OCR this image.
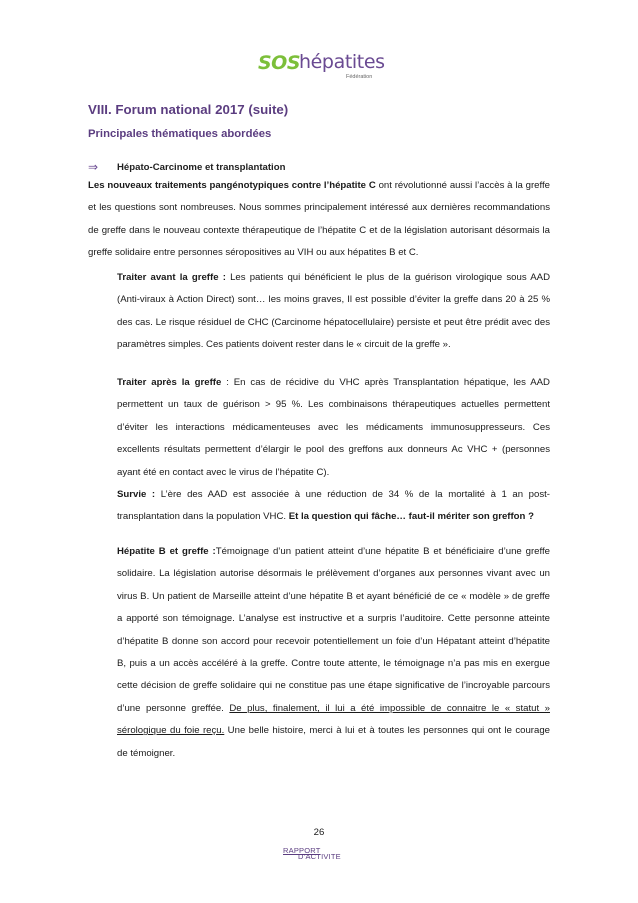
SOS
hépatites
Fédération
VIII. Forum national 2017 (suite)
Principales thématiques abordées
⇒ Hépato-Carcinome et transplantation
Les nouveaux traitements pangénotypiques contre l’hépatite C ont révolutionné aussi l’accès à la greffe et les questions sont nombreuses. Nous sommes principalement intéressé aux dernières recommandations de greffe dans le nouveau contexte thérapeutique de l’hépatite C et de la législation autorisant désormais la greffe solidaire entre personnes séropositives au VIH ou aux hépatites B et C.
Traiter avant la greffe : Les patients qui bénéficient le plus de la guérison virologique sous AAD (Anti-viraux à Action Direct) sont… les moins graves, Il est possible d’éviter la greffe dans 20 à 25 % des cas. Le risque résiduel de CHC (Carcinome hépatocellulaire) persiste et peut être prédit avec des paramètres simples. Ces patients doivent rester dans le « circuit de la greffe ».
Traiter après la greffe : En cas de récidive du VHC après Transplantation hépatique, les AAD permettent un taux de guérison > 95 %. Les combinaisons thérapeutiques actuelles permettent d’éviter les interactions médicamenteuses avec les médicaments immunosuppresseurs. Ces excellents résultats permettent d’élargir le pool des greffons aux donneurs Ac VHC + (personnes ayant été en contact avec le virus de l’hépatite C).
Survie : L’ère des AAD est associée à une réduction de 34 % de la mortalité à 1 an post-transplantation dans la population VHC. Et la question qui fâche… faut-il mériter son greffon ?
Hépatite B et greffe :Témoignage d’un patient atteint d’une hépatite B et bénéficiaire d’une greffe solidaire. La législation autorise désormais le prélèvement d’organes aux personnes vivant avec un virus B. Un patient de Marseille atteint d’une hépatite B et ayant bénéficié de ce « modèle » de greffe a apporté son témoignage. L’analyse est instructive et a surpris l’auditoire. Cette personne atteinte d’hépatite B donne son accord pour recevoir potentiellement un foie d’un Hépatant atteint d’hépatite B, puis a un accès accéléré à la greffe. Contre toute attente, le témoignage n’a pas mis en exergue cette décision de greffe solidaire qui ne constitue pas une étape significative de l’incroyable parcours d’une personne greffée. De plus, finalement, il lui a été impossible de connaitre le « statut » sérologique du foie reçu. Une belle histoire, merci à lui et à toutes les personnes qui ont le courage de témoigner.
26
RAPPORT
D’ACTIVITE
